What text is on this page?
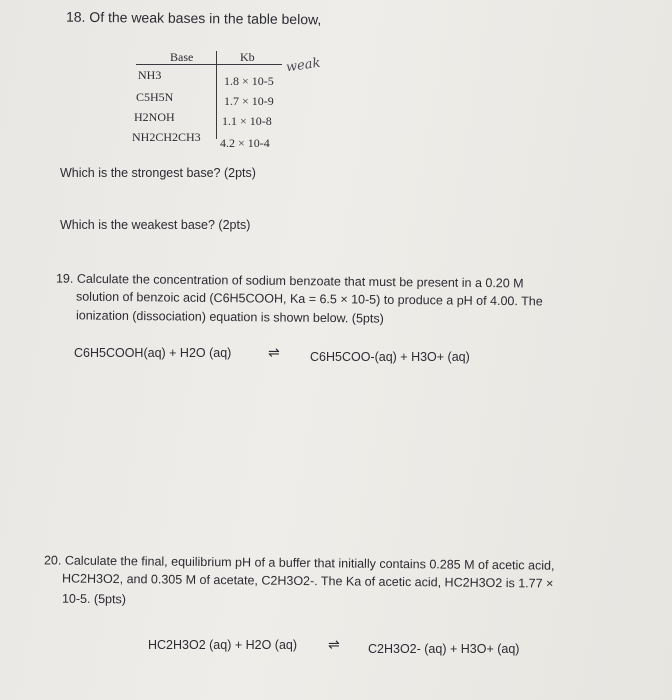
18. Of the weak bases in the table below,
Base	Kb
NH3	1.8 × 10-5
C5H5N	1.7 × 10-9
H2NOH	1.1 × 10-8
NH2CH2CH3 4.2 × 10-4
weak
Which is the strongest base? (2pts)
Which is the weakest base? (2pts)
19. Calculate the concentration of sodium benzoate that must be present in a 0.20 M
solution of benzoic acid (C6H5COOH, Ka = 6.5 × 10-5) to produce a pH of 4.00. The
ionization (dissociation) equation is shown below. (5pts)
C6H5COOH(aq) + H2O (aq)	⇌ C6H5COO-(aq) + H3O+ (aq)
20. Calculate the final, equilibrium pH of a buffer that initially contains 0.285 M of acetic acid,
HC2H3O2, and 0.305 M of acetate, C2H3O2-. The Ka of acetic acid, HC2H3O2 is 1.77 ×
10-5. (5pts)
HC2H3O2 (aq) + H2O (aq) ⇌ C2H3O2- (aq) + H3O+ (aq)
